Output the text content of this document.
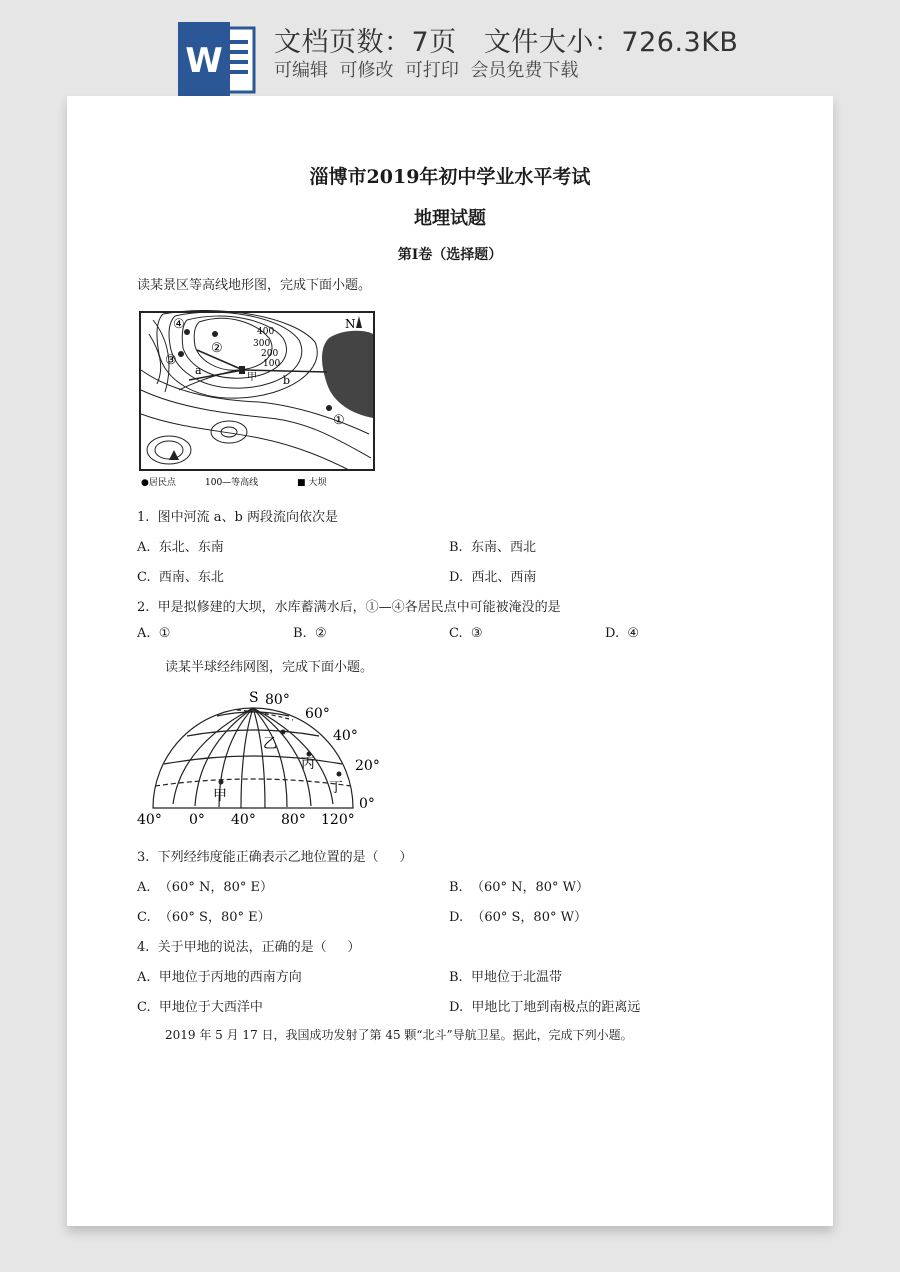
W 文档页数：7页   文件大小：726.3KB
可编辑  可修改  可打印  会员免费下载
淄博市2019年初中学业水平考试
地理试题
第Ⅰ卷（选择题）
读某景区等高线地形图，完成下面小题。
④
②
③
①
400
300
200
100
a
甲 b
N
●居民点	100—等高线	■ 大坝
1.  图中河流 a、b 两段流向依次是
A.  东北、东南	B.  东南、西北
C.  西南、东北	D.  西北、西南
2.  甲是拟修建的大坝，水库蓄满水后，①—④各居民点中可能被淹没的是
A.  ①	B.  ②	C.  ③	D.  ④
读某半球经纬网图，完成下面小题。
S 80°
60°
40°
20°
0°
40° 0° 40° 80° 120°
乙
丙
丁
甲
3.  下列经纬度能正确表示乙地位置的是（     ）
A.  （60° N，80° E）	B.  （60° N，80° W）
C.  （60° S，80° E）	D.  （60° S，80° W）
4.  关于甲地的说法，正确的是（     ）
A.  甲地位于丙地的西南方向	B.  甲地位于北温带
C.  甲地位于大西洋中	D.  甲地比丁地到南极点的距离远
2019 年 5 月 17 日，我国成功发射了第 45 颗“北斗”导航卫星。据此，完成下列小题。
